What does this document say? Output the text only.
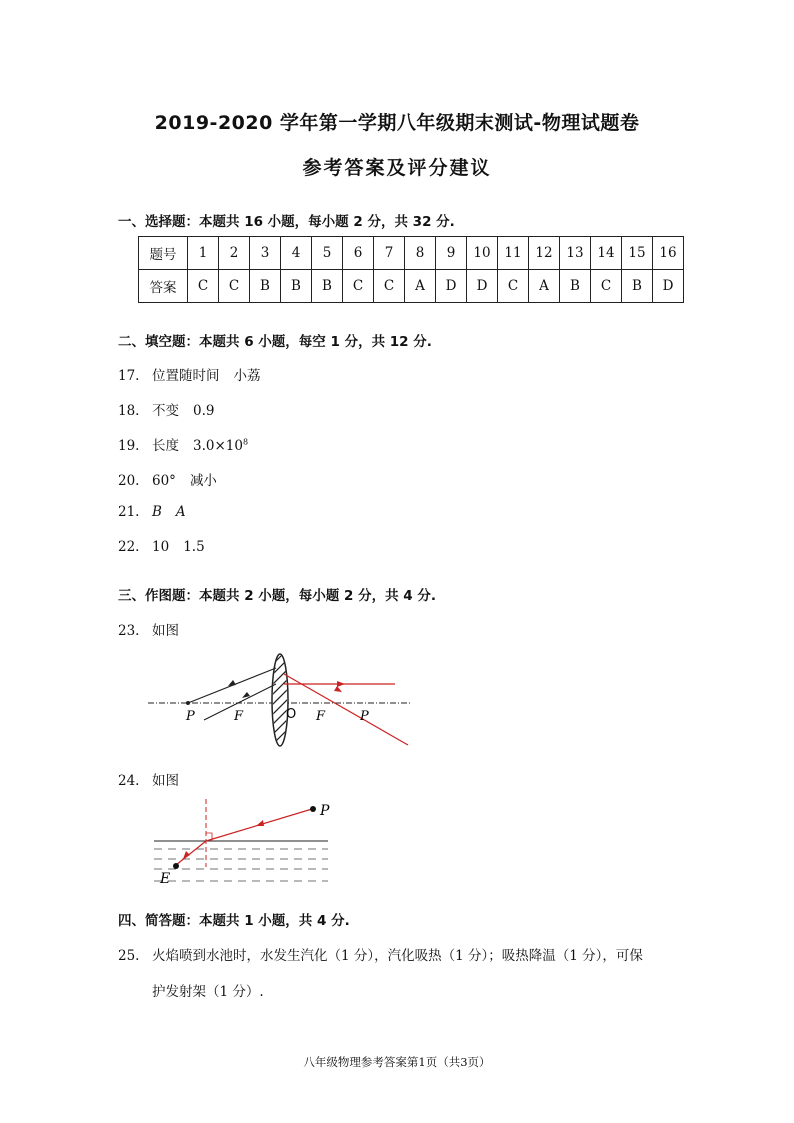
2019-2020 学年第一学期八年级期末测试-物理试题卷
参考答案及评分建议
一、选择题：本题共 16 小题，每小题 2 分，共 32 分.
题号	1	2	3	4	5	6	7	8	9	10	11	12	13	14	15	16
答案	C	C	B	B	B	C	C	A	D	D	C	A	B	C	B	D
二、填空题：本题共 6 小题，每空 1 分，共 12 分.
17. 位置随时间 小荔
18. 不变 0.9
19. 长度 $3.0\times 10^8$
20. 60° 减小
21. B A
22. 10 1.5
三、作图题：本题共 2 小题，每小题 2 分，共 4 分.
23. 如图
P	F	O F	P
24. 如图
P
E
四、简答题：本题共 1 小题，共 4 分.
25. 火焰喷到水池时，水发生汽化（1 分），汽化吸热（1 分）；吸热降温（1 分），可保
护发射架（1 分）.
八年级物理参考答案第1页（共3页）
